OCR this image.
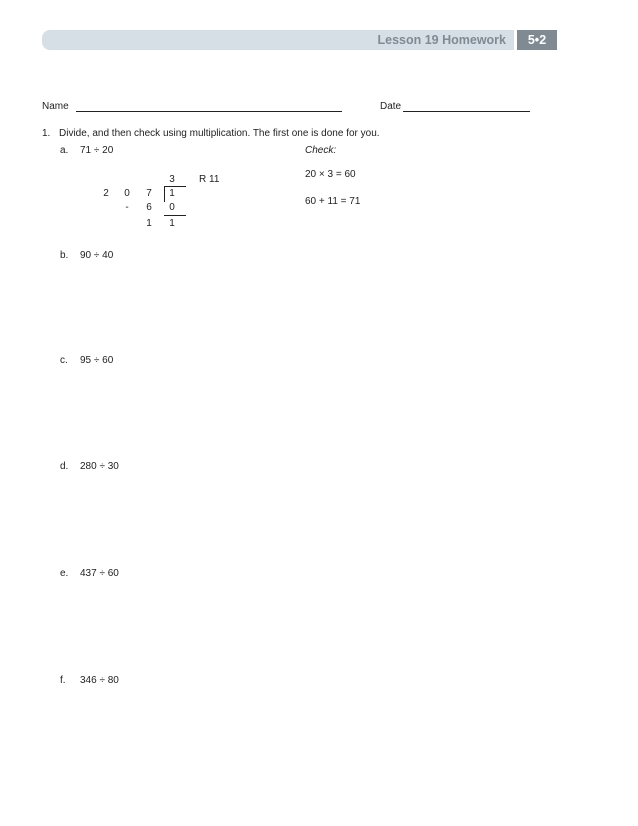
Lesson 19 Homework	5•2
Name	Date
1. Divide, and then check using multiplication. The first one is done for you.
a. 71 ÷ 20	Check:
20 × 3 = 60
60 + 11 = 71
3 R 11
2 0 7 1
-	6 0
1 1
b. 90 ÷ 40
c. 95 ÷ 60
d. 280 ÷ 30
e. 437 ÷ 60
f. 346 ÷ 80
